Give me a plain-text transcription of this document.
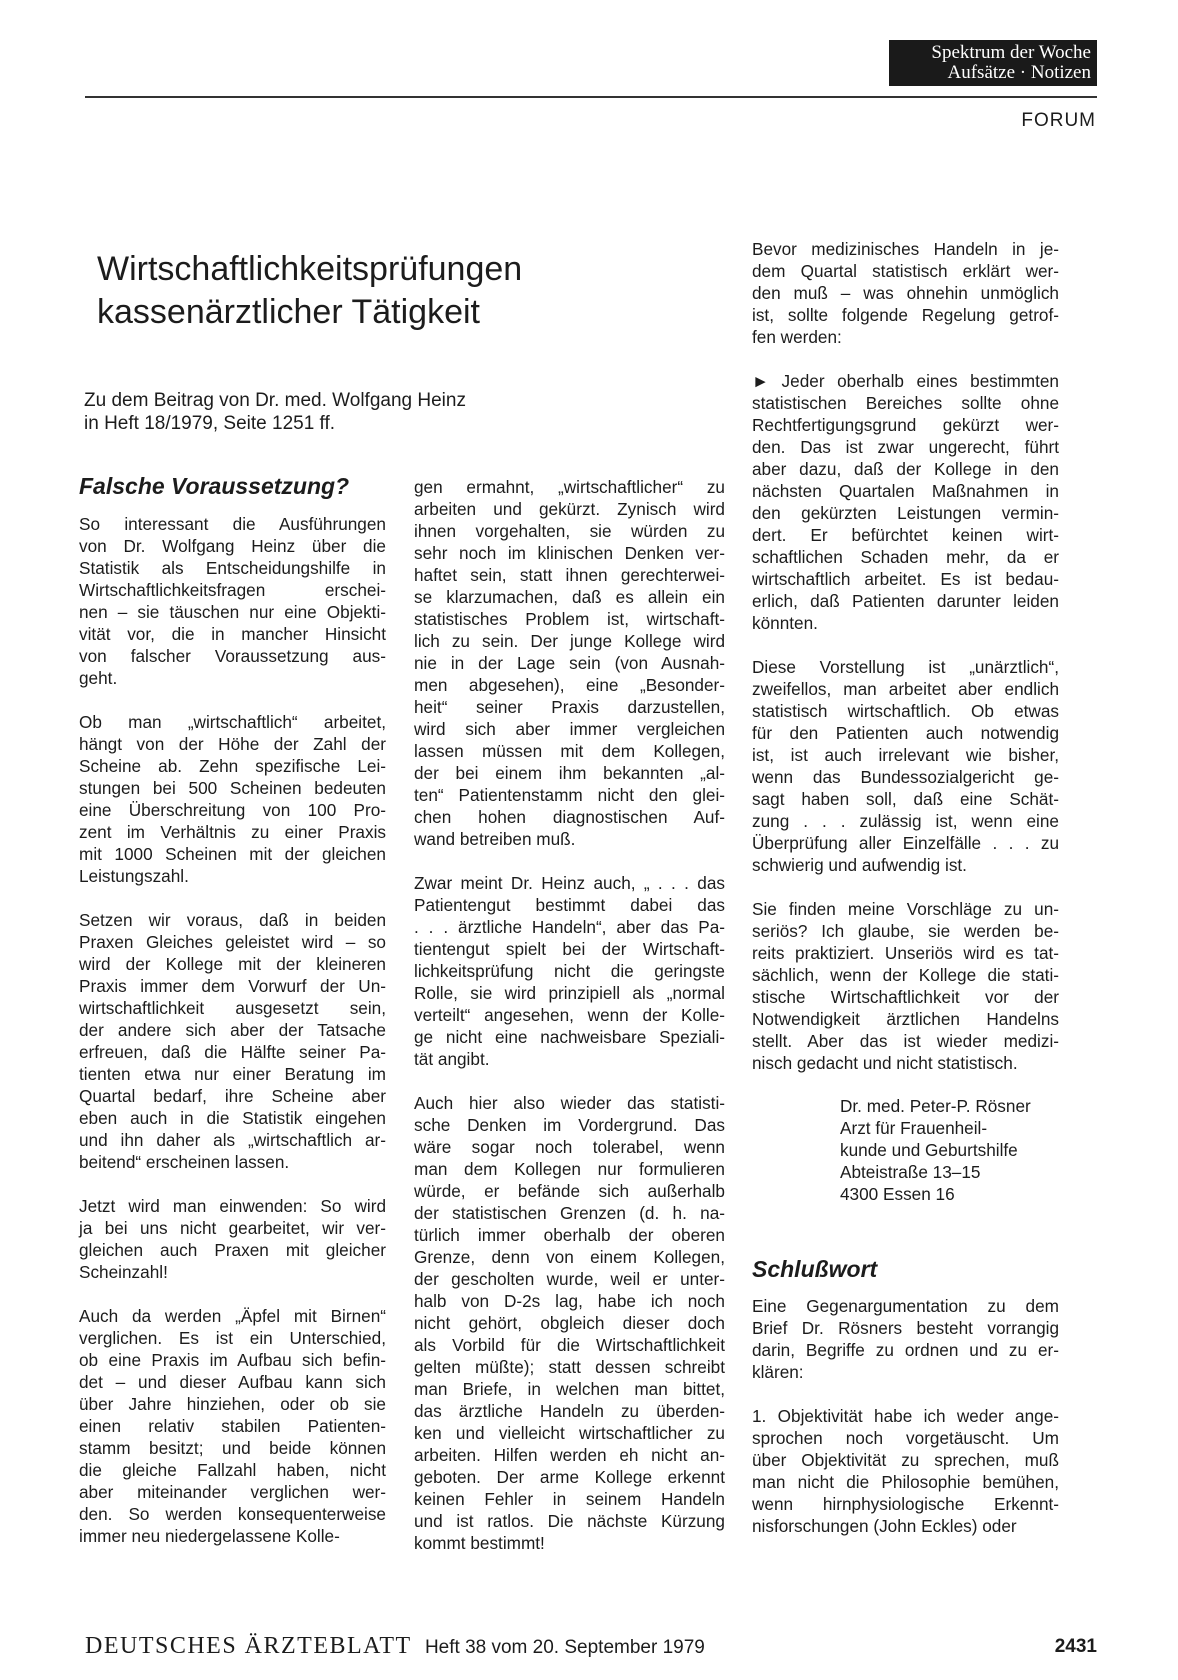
Spektrum der Woche
Aufsätze · Notizen
FORUM
Wirtschaftlichkeitsprüfungen
kassenärztlicher Tätigkeit
Zu dem Beitrag von Dr. med. Wolfgang Heinz
in Heft 18/1979, Seite 1251 ff.
Falsche Voraussetzung?
So interessant die Ausführungen
von Dr. Wolfgang Heinz über die
Statistik als Entscheidungshilfe in
Wirtschaftlichkeitsfragen erschei-
nen – sie täuschen nur eine Objekti-
vität vor, die in mancher Hinsicht
von falscher Voraussetzung aus-
geht.
Ob man „wirtschaftlich“ arbeitet,
hängt von der Höhe der Zahl der
Scheine ab. Zehn spezifische Lei-
stungen bei 500 Scheinen bedeuten
eine Überschreitung von 100 Pro-
zent im Verhältnis zu einer Praxis
mit 1000 Scheinen mit der gleichen
Leistungszahl.
Setzen wir voraus, daß in beiden
Praxen Gleiches geleistet wird – so
wird der Kollege mit der kleineren
Praxis immer dem Vorwurf der Un-
wirtschaftlichkeit ausgesetzt sein,
der andere sich aber der Tatsache
erfreuen, daß die Hälfte seiner Pa-
tienten etwa nur einer Beratung im
Quartal bedarf, ihre Scheine aber
eben auch in die Statistik eingehen
und ihn daher als „wirtschaftlich ar-
beitend“ erscheinen lassen.
Jetzt wird man einwenden: So wird
ja bei uns nicht gearbeitet, wir ver-
gleichen auch Praxen mit gleicher
Scheinzahl!
Auch da werden „Äpfel mit Birnen“
verglichen. Es ist ein Unterschied,
ob eine Praxis im Aufbau sich befin-
det – und dieser Aufbau kann sich
über Jahre hinziehen, oder ob sie
einen relativ stabilen Patienten-
stamm besitzt; und beide können
die gleiche Fallzahl haben, nicht
aber miteinander verglichen wer-
den. So werden konsequenterweise
immer neu niedergelassene Kolle-
gen ermahnt, „wirtschaftlicher“ zu
arbeiten und gekürzt. Zynisch wird
ihnen vorgehalten, sie würden zu
sehr noch im klinischen Denken ver-
haftet sein, statt ihnen gerechterwei-
se klarzumachen, daß es allein ein
statistisches Problem ist, wirtschaft-
lich zu sein. Der junge Kollege wird
nie in der Lage sein (von Ausnah-
men abgesehen), eine „Besonder-
heit“ seiner Praxis darzustellen,
wird sich aber immer vergleichen
lassen müssen mit dem Kollegen,
der bei einem ihm bekannten „al-
ten“ Patientenstamm nicht den glei-
chen hohen diagnostischen Auf-
wand betreiben muß.
Zwar meint Dr. Heinz auch, „ . . . das
Patientengut bestimmt dabei das
. . . ärztliche Handeln“, aber das Pa-
tientengut spielt bei der Wirtschaft-
lichkeitsprüfung nicht die geringste
Rolle, sie wird prinzipiell als „normal
verteilt“ angesehen, wenn der Kolle-
ge nicht eine nachweisbare Speziali-
tät angibt.
Auch hier also wieder das statisti-
sche Denken im Vordergrund. Das
wäre sogar noch tolerabel, wenn
man dem Kollegen nur formulieren
würde, er befände sich außerhalb
der statistischen Grenzen (d. h. na-
türlich immer oberhalb der oberen
Grenze, denn von einem Kollegen,
der gescholten wurde, weil er unter-
halb von D-2s lag, habe ich noch
nicht gehört, obgleich dieser doch
als Vorbild für die Wirtschaftlichkeit
gelten müßte); statt dessen schreibt
man Briefe, in welchen man bittet,
das ärztliche Handeln zu überden-
ken und vielleicht wirtschaftlicher zu
arbeiten. Hilfen werden eh nicht an-
geboten. Der arme Kollege erkennt
keinen Fehler in seinem Handeln
und ist ratlos. Die nächste Kürzung
kommt bestimmt!
Bevor medizinisches Handeln in je-
dem Quartal statistisch erklärt wer-
den muß – was ohnehin unmöglich
ist, sollte folgende Regelung getrof-
fen werden:
► Jeder oberhalb eines bestimmten
statistischen Bereiches sollte ohne
Rechtfertigungsgrund gekürzt wer-
den. Das ist zwar ungerecht, führt
aber dazu, daß der Kollege in den
nächsten Quartalen Maßnahmen in
den gekürzten Leistungen vermin-
dert. Er befürchtet keinen wirt-
schaftlichen Schaden mehr, da er
wirtschaftlich arbeitet. Es ist bedau-
erlich, daß Patienten darunter leiden
könnten.
Diese Vorstellung ist „unärztlich“,
zweifellos, man arbeitet aber endlich
statistisch wirtschaftlich. Ob etwas
für den Patienten auch notwendig
ist, ist auch irrelevant wie bisher,
wenn das Bundessozialgericht ge-
sagt haben soll, daß eine Schät-
zung . . . zulässig ist, wenn eine
Überprüfung aller Einzelfälle . . . zu
schwierig und aufwendig ist.
Sie finden meine Vorschläge zu un-
seriös? Ich glaube, sie werden be-
reits praktiziert. Unseriös wird es tat-
sächlich, wenn der Kollege die stati-
stische Wirtschaftlichkeit vor der
Notwendigkeit ärztlichen Handelns
stellt. Aber das ist wieder medizi-
nisch gedacht und nicht statistisch.
Dr. med. Peter-P. Rösner
Arzt für Frauenheil-
kunde und Geburtshilfe
Abteistraße 13–15
4300 Essen 16
Schlußwort
Eine Gegenargumentation zu dem
Brief Dr. Rösners besteht vorrangig
darin, Begriffe zu ordnen und zu er-
klären:
1. Objektivität habe ich weder ange-
sprochen noch vorgetäuscht. Um
über Objektivität zu sprechen, muß
man nicht die Philosophie bemühen,
wenn hirnphysiologische Erkennt-
nisforschungen (John Eckles) oder
DEUTSCHES ÄRZTEBLATT Heft 38 vom 20. September 1979	2431
